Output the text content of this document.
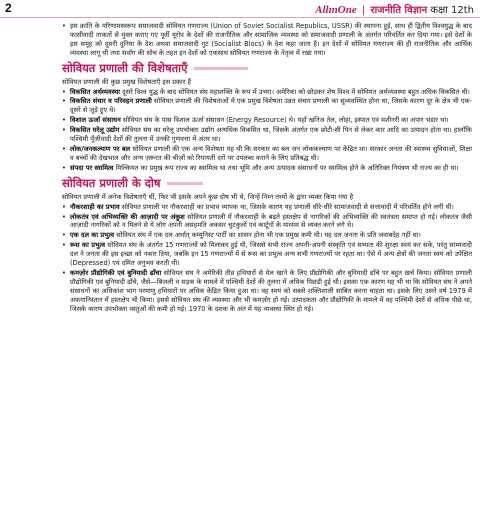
2	AllınOne | राजनीति विज्ञान कक्षा 12th
• इस क्रांति के परिणामस्वरूप समाजवादी सोवियत गणराज्य (Union of Soviet Socialist Republics, USSR) की स्थापना हुई, साथ ही द्वितीय विश्वयुद्ध के बाद फासीवादी ताकतों से मुक्त कराए गए पूर्वी यूरोप के देशों की राजनीतिक और सामाजिक व्यवस्था को समाजवादी प्रणाली के अंतर्गत परिवर्तित कर दिया गया। इसे देशों के इस समूह को दूसरी दुनिया के देश अथवा समाजवादी गुट (Socialist Blocs) के देश कहा जाता है। इन देशों में सोवियत गणराज्य की ही राजनीतिक और आर्थिक व्यवस्था लागू थी तथा सर्वांग की सोच के तहत इन देशों को एकसाथ सोवियत गणराज्य के नेतृत्व में रखा गया।
सोवियत प्रणाली की विशेषताएँ
सोवियत प्रणाली की कुछ प्रमुख विशेषताएँ इस प्रकार हैं
• विकसित अर्थव्यवस्था दूसरे विश्व युद्ध के बाद सोवियत संघ महाशक्ति के रूप में उभरा। अमेरिका को छोड़कर शेष विश्व में सोवियत अर्थव्यवस्था बहुत अधिक विकसित थी।
• विकसित संचार व परिवहन प्रणाली सोवियत प्रणाली की विशेषताओं में एक प्रमुख विशेषता उन्नत संचार प्रणाली का सुव्यवस्थित होना था, जिसके कारण दूर के क्षेत्र भी एक-दूसरे से जुड़े हुए थे।
• विशाल ऊर्जा संसाधन सोवियत संघ के पास विशाल ऊर्जा संसाधन (Energy Resource) थे। यहाँ खनिज तेल, लोहा, इस्पात एवं मशीनरी का अपार भंडार था।
• विकसित घरेलू उद्योग सोवियत संघ का घरेलू उपभोक्ता उद्योग अत्यधिक विकसित था, जिसके अंतर्गत एक छोटी-सी पिन से लेकर कार आदि का उत्पादन होता था। हालाँकि पश्चिमी पूँजीवादी देशों की तुलना में उनकी गुणवत्ता में अंतर था।
• लोक/जनकल्याण पर बल सोवियत प्रणाली की एक अन्य विशेषता यह थी कि सरकार का बल जन लोककल्याण पर केंद्रित था। सरकार जनता की स्वास्थ्य सुविधाओं, शिक्षा व बच्चों की देखभाल और अन्य ज़रूरत की चीज़ों को रियायती दरों पर उपलब्ध कराने के लिए प्रतिबद्ध थी।
• संपदा पर स्वामित्व मिल्कियत का प्रमुख रूप राज्य का स्वामित्व था तथा भूमि और अन्य उत्पादक संसाधनों पर स्वामित्व होने के अतिरिक्त नियंत्रण भी राज्य का ही था।
सोवियत प्रणाली के दोष
सोवियत प्रणाली में अनेक विशेषताएँ थीं, फिर भी इसके अपने कुछ दोष भी थे, जिन्हें निम्न तथ्यों के द्वारा व्यक्त किया गया है
• नौकरशाही का प्रभाव सोवियत प्रणाली पर नौकरशाही का प्रभाव व्यापक था, जिसके कारण यह प्रणाली धीरे-धीरे सामाजवादी से सत्तावादी में परिवर्तित होने लगी थी।
• लोकतंत्र एवं अभिव्यक्ति की आज़ादी पर अंकुश सोवियत प्रणाली में नौकरशाही के बढ़ते हस्तक्षेप से नागरिकों की अभिव्यक्ति की स्वतंत्रता समाप्त हो गई। लोकतंत्र जैसी आज़ादी नागरिकों को न मिलने से ये लोग अपनी असहमति अकसर चुटकुलों एवं कार्टूनों के माध्यम से व्यक्त करने लगे थे।
• एक दल का प्रभुत्व सोवियत संघ में एक दल अर्थात् कम्युनिस्ट पार्टी का शासन होना भी एक प्रमुख कमी थी। यह दल जनता के प्रति जवाबदेह नहीं था।
• रूस का प्रभुत्व सोवियत संघ के अंतर्गत 15 गणराज्यों को मिलाकर हुई थी, जिससे सभी राज्य अपनी-अपनी संस्कृति एवं सभ्यता की सुरक्षा स्वयं कर सके, परंतु साम्यवादी दल ने जनता की इस इच्छा को नकार दिया, जबकि इन 15 गणराज्यों में से रूस का प्रभुत्व अन्य सभी गणराज्यों पर रहता था। ऐसे में अन्य क्षेत्रों की जनता स्वयं को उपेक्षित (Depressed) एवं दमित अनुभव करती थी।
• कमज़ोर प्रौद्योगिकी एवं बुनियादी ढाँचा सोवियत संघ ने अमेरिकी तीव्र हथियारों से मेल खाने के लिए प्रौद्योगिकी और बुनियादी ढाँचे पर बहुत ख़र्च किया। सोवियत प्रणाली प्रौद्योगिकी एवं बुनियादी ढाँचे, जैसे—बिजली व सड़क के मामले में पश्चिमी देशों की तुलना में अधिक पिछड़ी हुई थी। इसका एक कारण यह भी था कि सोवियत संघ ने अपने संसाधनों का अधिकांश भाग परमाणु हथियारों पर अधिक केंद्रित किया हुआ था। वह स्वयं को सबसे शक्तिशाली साबित करना चाहता था। इसके लिए उसने वर्ष 1979 में अफगानिस्तान में हस्तक्षेप भी किया। इससे सोवियत संघ की व्यवस्था और भी कमज़ोर हो गई। उत्पादकता और प्रौद्योगिकी के मामले में वह पश्चिमी देशों से अधिक पीछे था, जिसके कारण उपभोक्ता वस्तुओं की कमी हो गई। 1970 के दशक के अंत में यह व्यवस्था स्थिर हो गई।
